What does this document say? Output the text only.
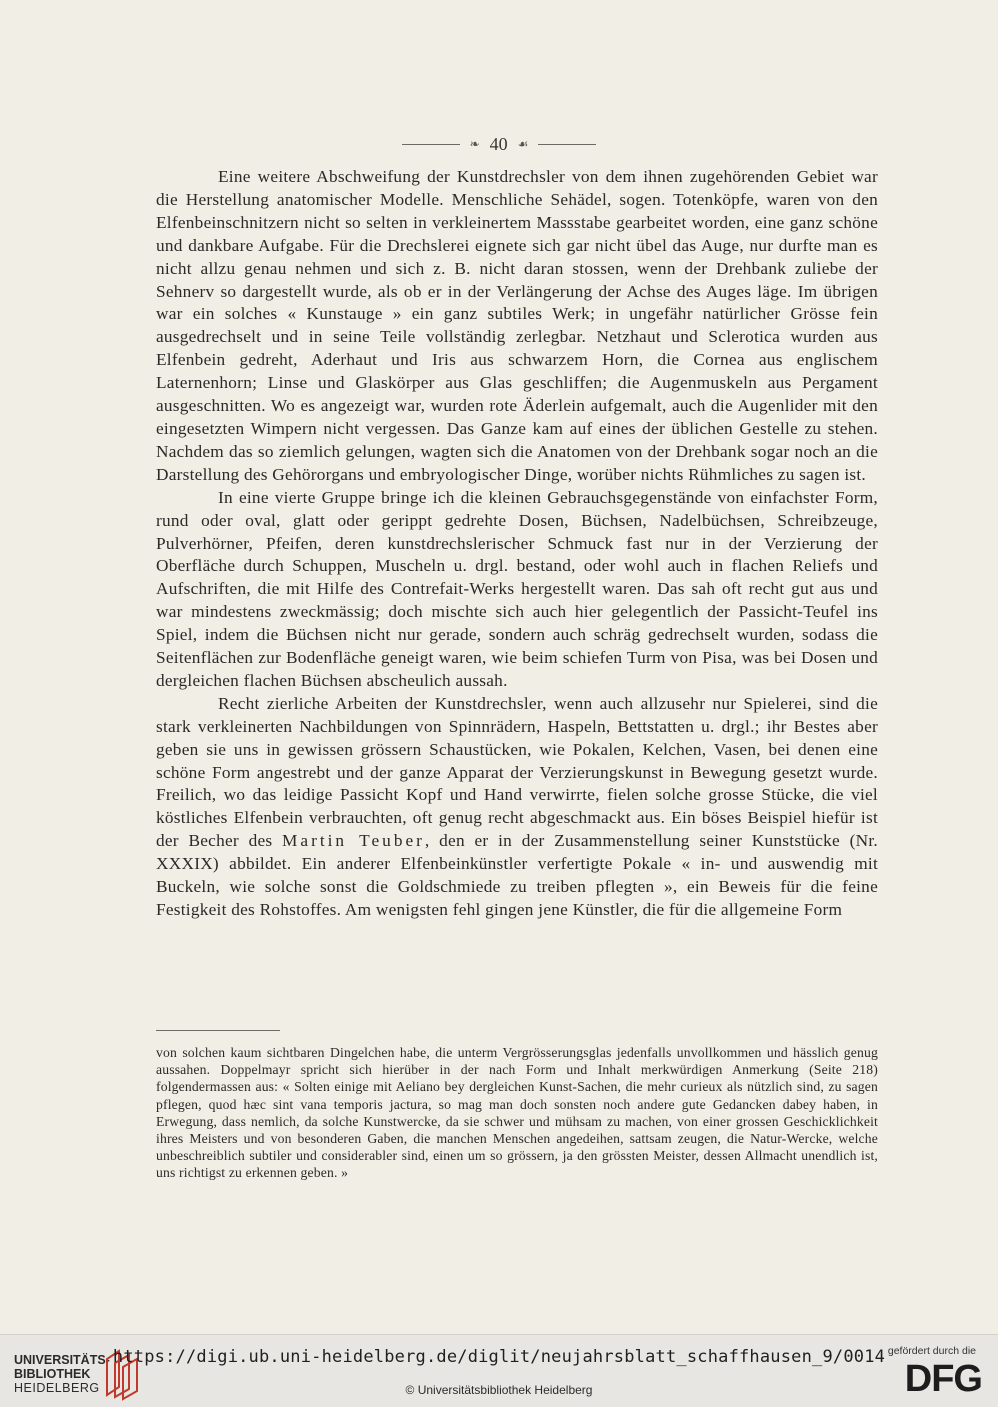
❧ 40 ☙

Eine weitere Abschweifung der Kunstdrechsler von dem ihnen zugehörenden Gebiet war die Herstellung anatomischer Modelle. Menschliche Sehädel, sogen. Totenköpfe, waren von den Elfenbeinschnitzern nicht so selten in verkleinertem Massstabe gearbeitet worden, eine ganz schöne und dankbare Aufgabe. Für die Drechslerei eignete sich gar nicht übel das Auge, nur durfte man es nicht allzu genau nehmen und sich z. B. nicht daran stossen, wenn der Drehbank zuliebe der Sehnerv so dargestellt wurde, als ob er in der Verlängerung der Achse des Auges läge. Im übrigen war ein solches « Kunstauge » ein ganz subtiles Werk; in ungefähr natürlicher Grösse fein ausgedrechselt und in seine Teile vollständig zerlegbar. Netzhaut und Sclerotica wurden aus Elfenbein gedreht, Aderhaut und Iris aus schwarzem Horn, die Cornea aus englischem Laternenhorn; Linse und Glaskörper aus Glas geschliffen; die Augenmuskeln aus Pergament ausgeschnitten. Wo es angezeigt war, wurden rote Äderlein aufgemalt, auch die Augenlider mit den eingesetzten Wimpern nicht vergessen. Das Ganze kam auf eines der üblichen Gestelle zu stehen. Nachdem das so ziemlich gelungen, wagten sich die Anatomen von der Drehbank sogar noch an die Darstellung des Gehörorgans und embryologischer Dinge, worüber nichts Rühmliches zu sagen ist.

In eine vierte Gruppe bringe ich die kleinen Gebrauchsgegenstände von einfachster Form, rund oder oval, glatt oder gerippt gedrehte Dosen, Büchsen, Nadelbüchsen, Schreibzeuge, Pulverhörner, Pfeifen, deren kunstdrechslerischer Schmuck fast nur in der Verzierung der Oberfläche durch Schuppen, Muscheln u. drgl. bestand, oder wohl auch in flachen Reliefs und Aufschriften, die mit Hilfe des Contrefait-Werks hergestellt waren. Das sah oft recht gut aus und war mindestens zweckmässig; doch mischte sich auch hier gelegentlich der Passicht-Teufel ins Spiel, indem die Büchsen nicht nur gerade, sondern auch schräg gedrechselt wurden, sodass die Seitenflächen zur Bodenfläche geneigt waren, wie beim schiefen Turm von Pisa, was bei Dosen und dergleichen flachen Büchsen abscheulich aussah.

Recht zierliche Arbeiten der Kunstdrechsler, wenn auch allzusehr nur Spielerei, sind die stark verkleinerten Nachbildungen von Spinnrädern, Haspeln, Bettstatten u. drgl.; ihr Bestes aber geben sie uns in gewissen grössern Schaustücken, wie Pokalen, Kelchen, Vasen, bei denen eine schöne Form angestrebt und der ganze Apparat der Verzierungskunst in Bewegung gesetzt wurde. Freilich, wo das leidige Passicht Kopf und Hand verwirrte, fielen solche grosse Stücke, die viel köstliches Elfenbein verbrauchten, oft genug recht abgeschmackt aus. Ein böses Beispiel hiefür ist der Becher des Martin Teuber, den er in der Zusammenstellung seiner Kunststücke (Nr. XXXIX) abbildet. Ein anderer Elfenbeinkünstler verfertigte Pokale « in- und auswendig mit Buckeln, wie solche sonst die Goldschmiede zu treiben pflegten », ein Beweis für die feine Festigkeit des Rohstoffes. Am wenigsten fehl gingen jene Künstler, die für die allgemeine Form

von solchen kaum sichtbaren Dingelchen habe, die unterm Vergrösserungsglas jedenfalls unvollkommen und hässlich genug aussahen. Doppelmayr spricht sich hierüber in der nach Form und Inhalt merkwürdigen Anmerkung (Seite 218) folgendermassen aus: « Solten einige mit Aeliano bey dergleichen Kunst-Sachen, die mehr curieux als nützlich sind, zu sagen pflegen, quod hæc sint vana temporis jactura, so mag man doch sonsten noch andere gute Gedancken dabey haben, in Erwegung, dass nemlich, da solche Kunstwercke, da sie schwer und mühsam zu machen, von einer grossen Geschicklichkeit ihres Meisters und von besonderen Gaben, die manchen Menschen angedeihen, sattsam zeugen, die Natur-Wercke, welche unbeschreiblich subtiler und considerabler sind, einen um so grössern, ja den grössten Meister, dessen Allmacht unendlich ist, uns richtigst zu erkennen geben. »

UNIVERSITÄTS-
BIBLIOTHEK
HEIDELBERG
https://digi.ub.uni-heidelberg.de/diglit/neujahrsblatt_schaffhausen_9/0014
© Universitätsbibliothek Heidelberg
gefördert durch die
DFG
